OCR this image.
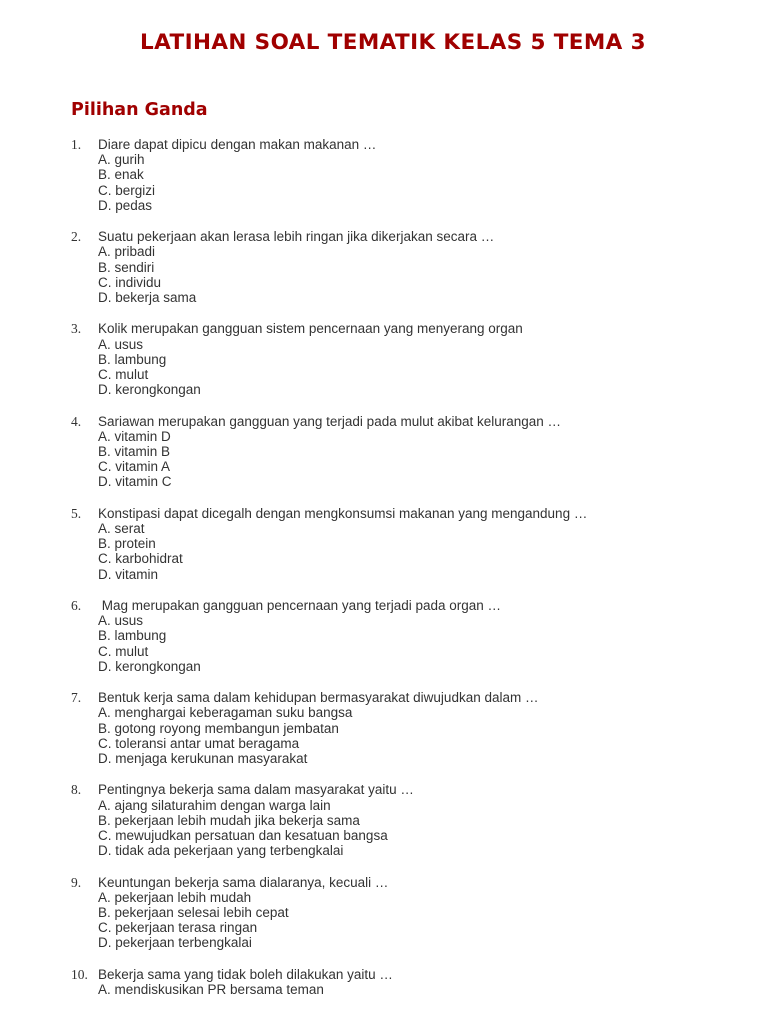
LATIHAN SOAL TEMATIK KELAS 5 TEMA 3
Pilihan Ganda
1.	Diare dapat dipicu dengan makan makanan …
A. gurih
B. enak
C. bergizi
D. pedas
2.	Suatu pekerjaan akan lerasa lebih ringan jika dikerjakan secara …
A. pribadi
B. sendiri
C. individu
D. bekerja sama
3.	Kolik merupakan gangguan sistem pencernaan yang menyerang organ
A. usus
B. lambung
C. mulut
D. kerongkongan
4.	Sariawan merupakan gangguan yang terjadi pada mulut akibat kelurangan …
A. vitamin D
B. vitamin B
C. vitamin A
D. vitamin C
5.	Konstipasi dapat dicegalh dengan mengkonsumsi makanan yang mengandung …
A. serat
B. protein
C. karbohidrat
D. vitamin
6.	Mag merupakan gangguan pencernaan yang terjadi pada organ …
A. usus
B. lambung
C. mulut
D. kerongkongan
7.	Bentuk kerja sama dalam kehidupan bermasyarakat diwujudkan dalam …
A. menghargai keberagaman suku bangsa
B. gotong royong membangun jembatan
C. toleransi antar umat beragama
D. menjaga kerukunan masyarakat
8.	Pentingnya bekerja sama dalam masyarakat yaitu …
A. ajang silaturahim dengan warga lain
B. pekerjaan lebih mudah jika bekerja sama
C. mewujudkan persatuan dan kesatuan bangsa
D. tidak ada pekerjaan yang terbengkalai
9.	Keuntungan bekerja sama dialaranya, kecuali …
A. pekerjaan lebih mudah
B. pekerjaan selesai lebih cepat
C. pekerjaan terasa ringan
D. pekerjaan terbengkalai
10. Bekerja sama yang tidak boleh dilakukan yaitu …
A. mendiskusikan PR bersama teman
